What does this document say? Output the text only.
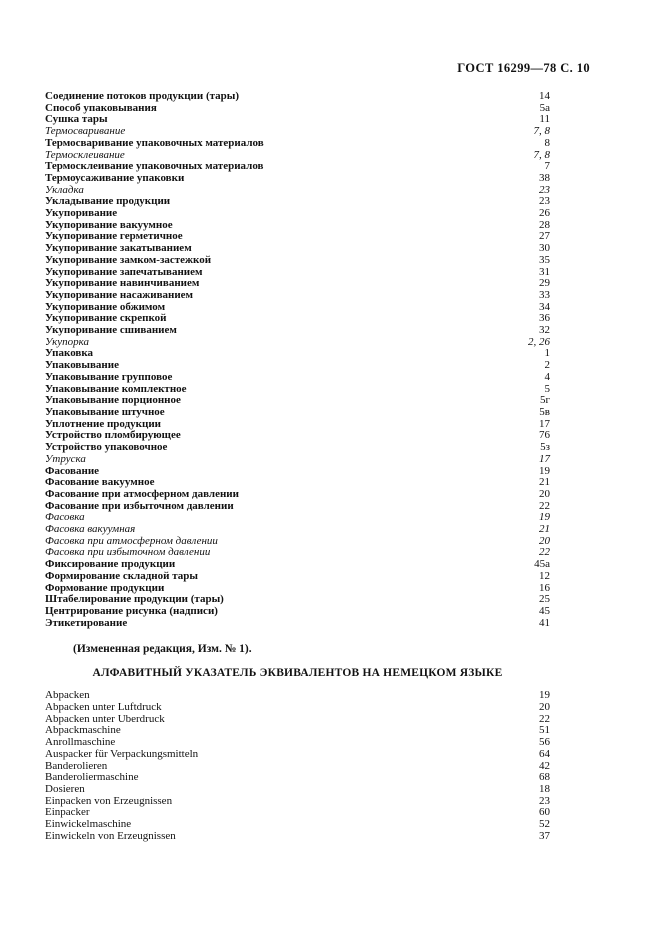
ГОСТ 16299—78 С. 10
Соединение потоков продукции (тары)	14
Способ упаковывания	5а
Сушка тары	11
Термосваривание	7, 8
Термосваривание упаковочных материалов	8
Термосклеивание	7, 8
Термосклеивание упаковочных материалов	7
Термоусаживание упаковки	38
Укладка	23
Укладывание продукции	23
Укупоривание	26
Укупоривание вакуумное	28
Укупоривание герметичное	27
Укупоривание закатыванием	30
Укупоривание замком-застежкой	35
Укупоривание запечатыванием	31
Укупоривание навинчиванием	29
Укупоривание насаживанием	33
Укупоривание обжимом	34
Укупоривание скрепкой	36
Укупоривание сшиванием	32
Укупорка	2, 26
Упаковка	1
Упаковывание	2
Упаковывание групповое	4
Упаковывание комплектное	5
Упаковывание порционное	5г
Упаковывание штучное	5в
Уплотнение продукции	17
Устройство пломбирующее	76
Устройство упаковочное	5з
Утруска	17
Фасование	19
Фасование вакуумное	21
Фасование при атмосферном давлении	20
Фасование при избыточном давлении	22
Фасовка	19
Фасовка вакуумная	21
Фасовка при атмосферном давлении	20
Фасовка при избыточном давлении	22
Фиксирование продукции	45а
Формирование складной тары	12
Формование продукции	16
Штабелирование продукции (тары)	25
Центрирование рисунка (надписи)	45
Этикетирование	41
(Измененная редакция, Изм. № 1).
АЛФАВИТНЫЙ УКАЗАТЕЛЬ ЭКВИВАЛЕНТОВ НА НЕМЕЦКОМ ЯЗЫКЕ
Abpacken	19
Abpacken unter Luftdruck	20
Abpacken unter Uberdruck	22
Abpackmaschine	51
Anrollmaschine	56
Auspacker für Verpackungsmitteln	64
Banderolieren	42
Banderoliermaschine	68
Dosieren	18
Einpacken von Erzeugnissen	23
Einpacker	60
Einwickelmaschine	52
Einwickeln von Erzeugnissen	37
